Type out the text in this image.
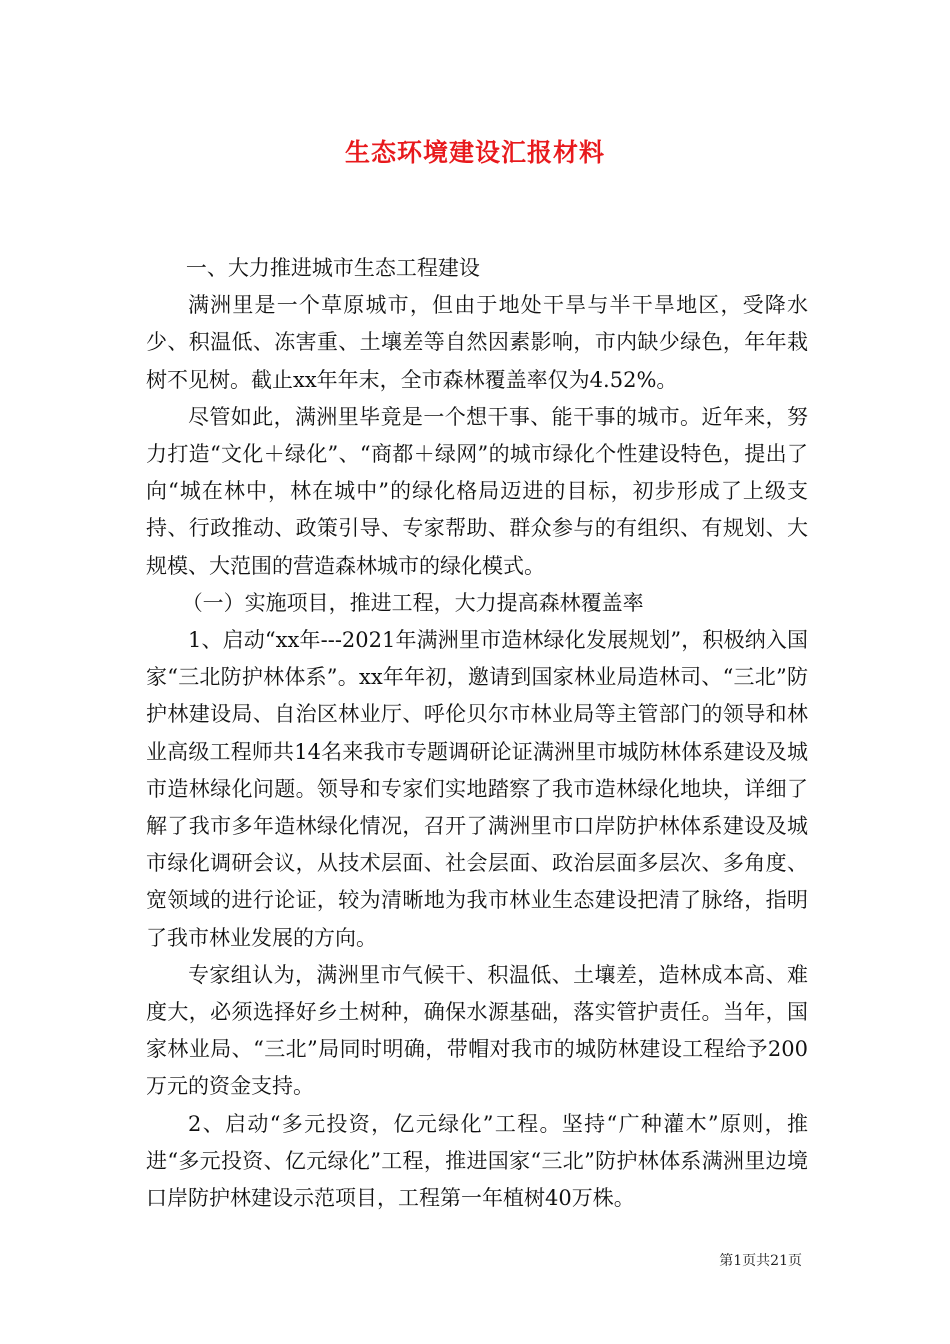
生态环境建设汇报材料

一、大力推进城市生态工程建设

满洲里是一个草原城市，但由于地处干旱与半干旱地区，受降水少、积温低、冻害重、土壤差等自然因素影响，市内缺少绿色，年年栽树不见树。截止xx年年末，全市森林覆盖率仅为4.52%。

尽管如此，满洲里毕竟是一个想干事、能干事的城市。近年来，努力打造“文化＋绿化”、“商都＋绿网”的城市绿化个性建设特色，提出了向“城在林中，林在城中”的绿化格局迈进的目标，初步形成了上级支持、行政推动、政策引导、专家帮助、群众参与的有组织、有规划、大规模、大范围的营造森林城市的绿化模式。

（一）实施项目，推进工程，大力提高森林覆盖率

1、启动“xx年---2021年满洲里市造林绿化发展规划”，积极纳入国家“三北防护林体系”。xx年年初，邀请到国家林业局造林司、“三北”防护林建设局、自治区林业厅、呼伦贝尔市林业局等主管部门的领导和林业高级工程师共14名来我市专题调研论证满洲里市城防林体系建设及城市造林绿化问题。领导和专家们实地踏察了我市造林绿化地块，详细了解了我市多年造林绿化情况，召开了满洲里市口岸防护林体系建设及城市绿化调研会议，从技术层面、社会层面、政治层面多层次、多角度、宽领域的进行论证，较为清晰地为我市林业生态建设把清了脉络，指明了我市林业发展的方向。

专家组认为，满洲里市气候干、积温低、土壤差，造林成本高、难度大，必须选择好乡土树种，确保水源基础，落实管护责任。当年，国家林业局、“三北”局同时明确，带帽对我市的城防林建设工程给予200万元的资金支持。

2、启动“多元投资，亿元绿化”工程。坚持“广种灌木”原则，推进“多元投资、亿元绿化”工程，推进国家“三北”防护林体系满洲里边境口岸防护林建设示范项目，工程第一年植树40万株。

第1页共21页
